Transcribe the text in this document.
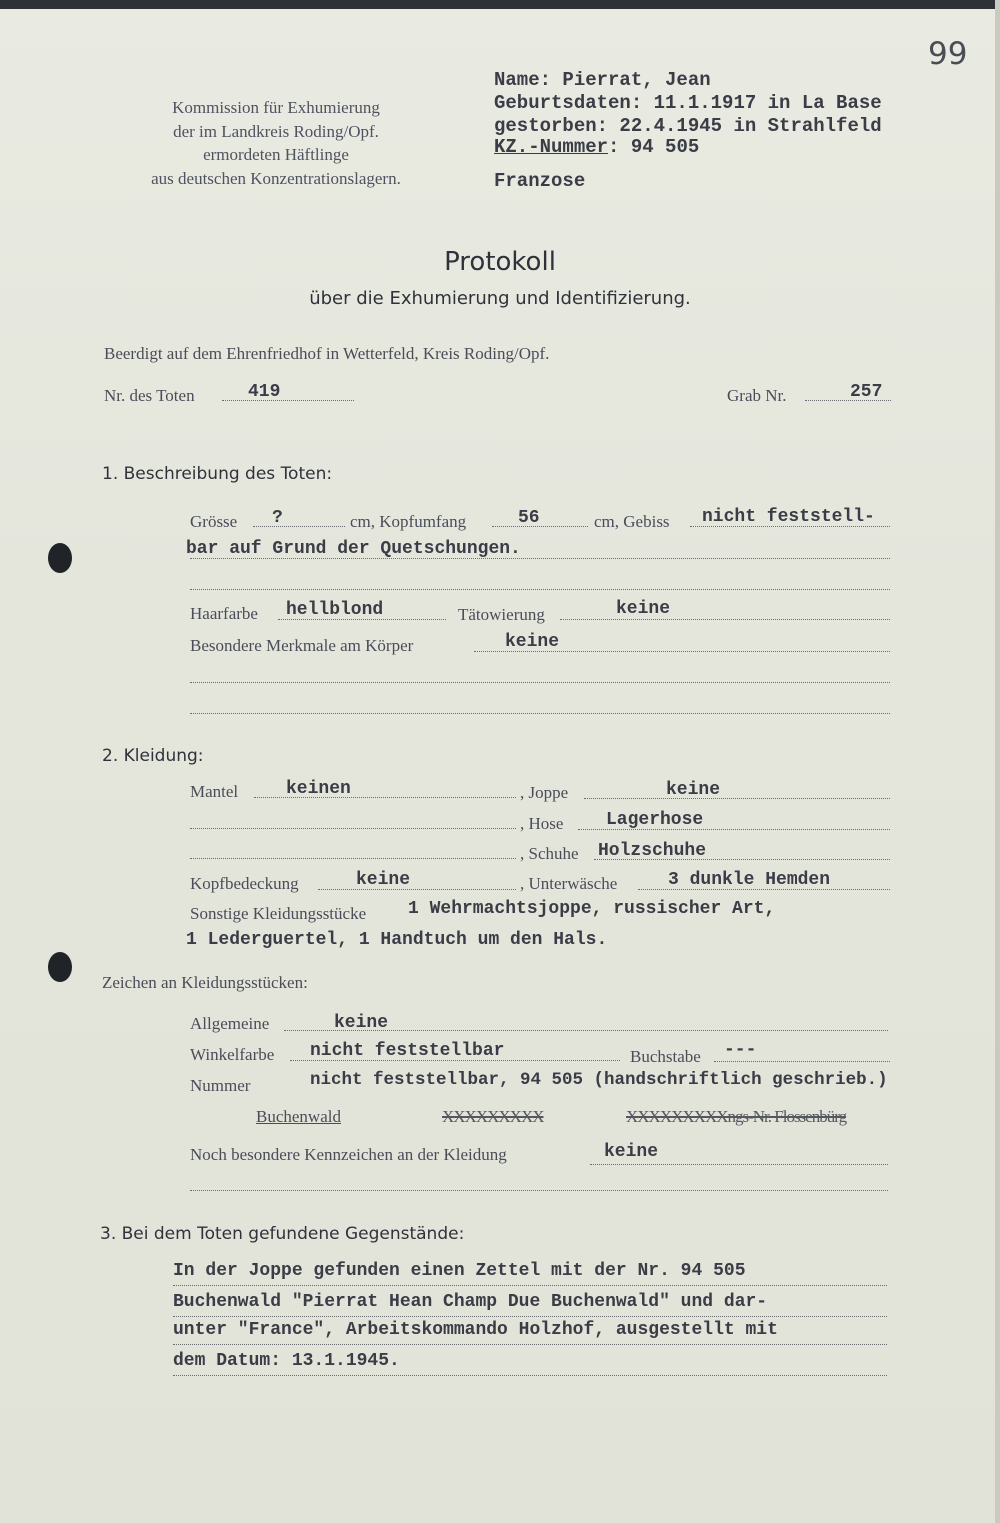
99
Kommission für Exhumierung
der im Landkreis Roding/Opf.
ermordeten Häftlinge
aus deutschen Konzentrationslagern.
Name: Pierrat, Jean
Geburtsdaten: 11.1.1917 in La Base
gestorben: 22.4.1945 in Strahlfeld
KZ.-Nummer: 94 505
Franzose
Protokoll
über die Exhumierung und Identifizierung.
Beerdigt auf dem Ehrenfriedhof in Wetterfeld, Kreis Roding/Opf.
Nr. des Toten	419	Grab Nr.	257
1. Beschreibung des Toten:
Grösse ?	cm, Kopfumfang	56	cm, Gebiss nicht feststell-
bar auf Grund der Quetschungen.
Haarfarbe hellblond	Tätowierung	keine
Besondere Merkmale am Körper	keine
2. Kleidung:
Mantel	keinen	, Joppe	keine
, Hose Lagerhose
, Schuhe Holzschuhe
Kopfbedeckung	keine	, Unterwäsche	3 dunkle Hemden
Sonstige Kleidungsstücke 1 Wehrmachtsjoppe, russischer Art,
1 Lederguertel, 1 Handtuch um den Hals.
Zeichen an Kleidungsstücken:
Allgemeine	keine
Winkelfarbe nicht feststellbar	Buchstabe ---
Nummer	nicht feststellbar, 94 505 (handschriftlich geschrieb.)
Buchenwald	XXXXXXXXX	XXXXXXXXXngs-Nr. Flossenbürg
Noch besondere Kennzeichen an der Kleidung	keine
3. Bei dem Toten gefundene Gegenstände:
In der Joppe gefunden einen Zettel mit der Nr. 94 505
Buchenwald "Pierrat Hean Champ Due Buchenwald" und dar-
unter "France", Arbeitskommando Holzhof, ausgestellt mit
dem Datum: 13.1.1945.
